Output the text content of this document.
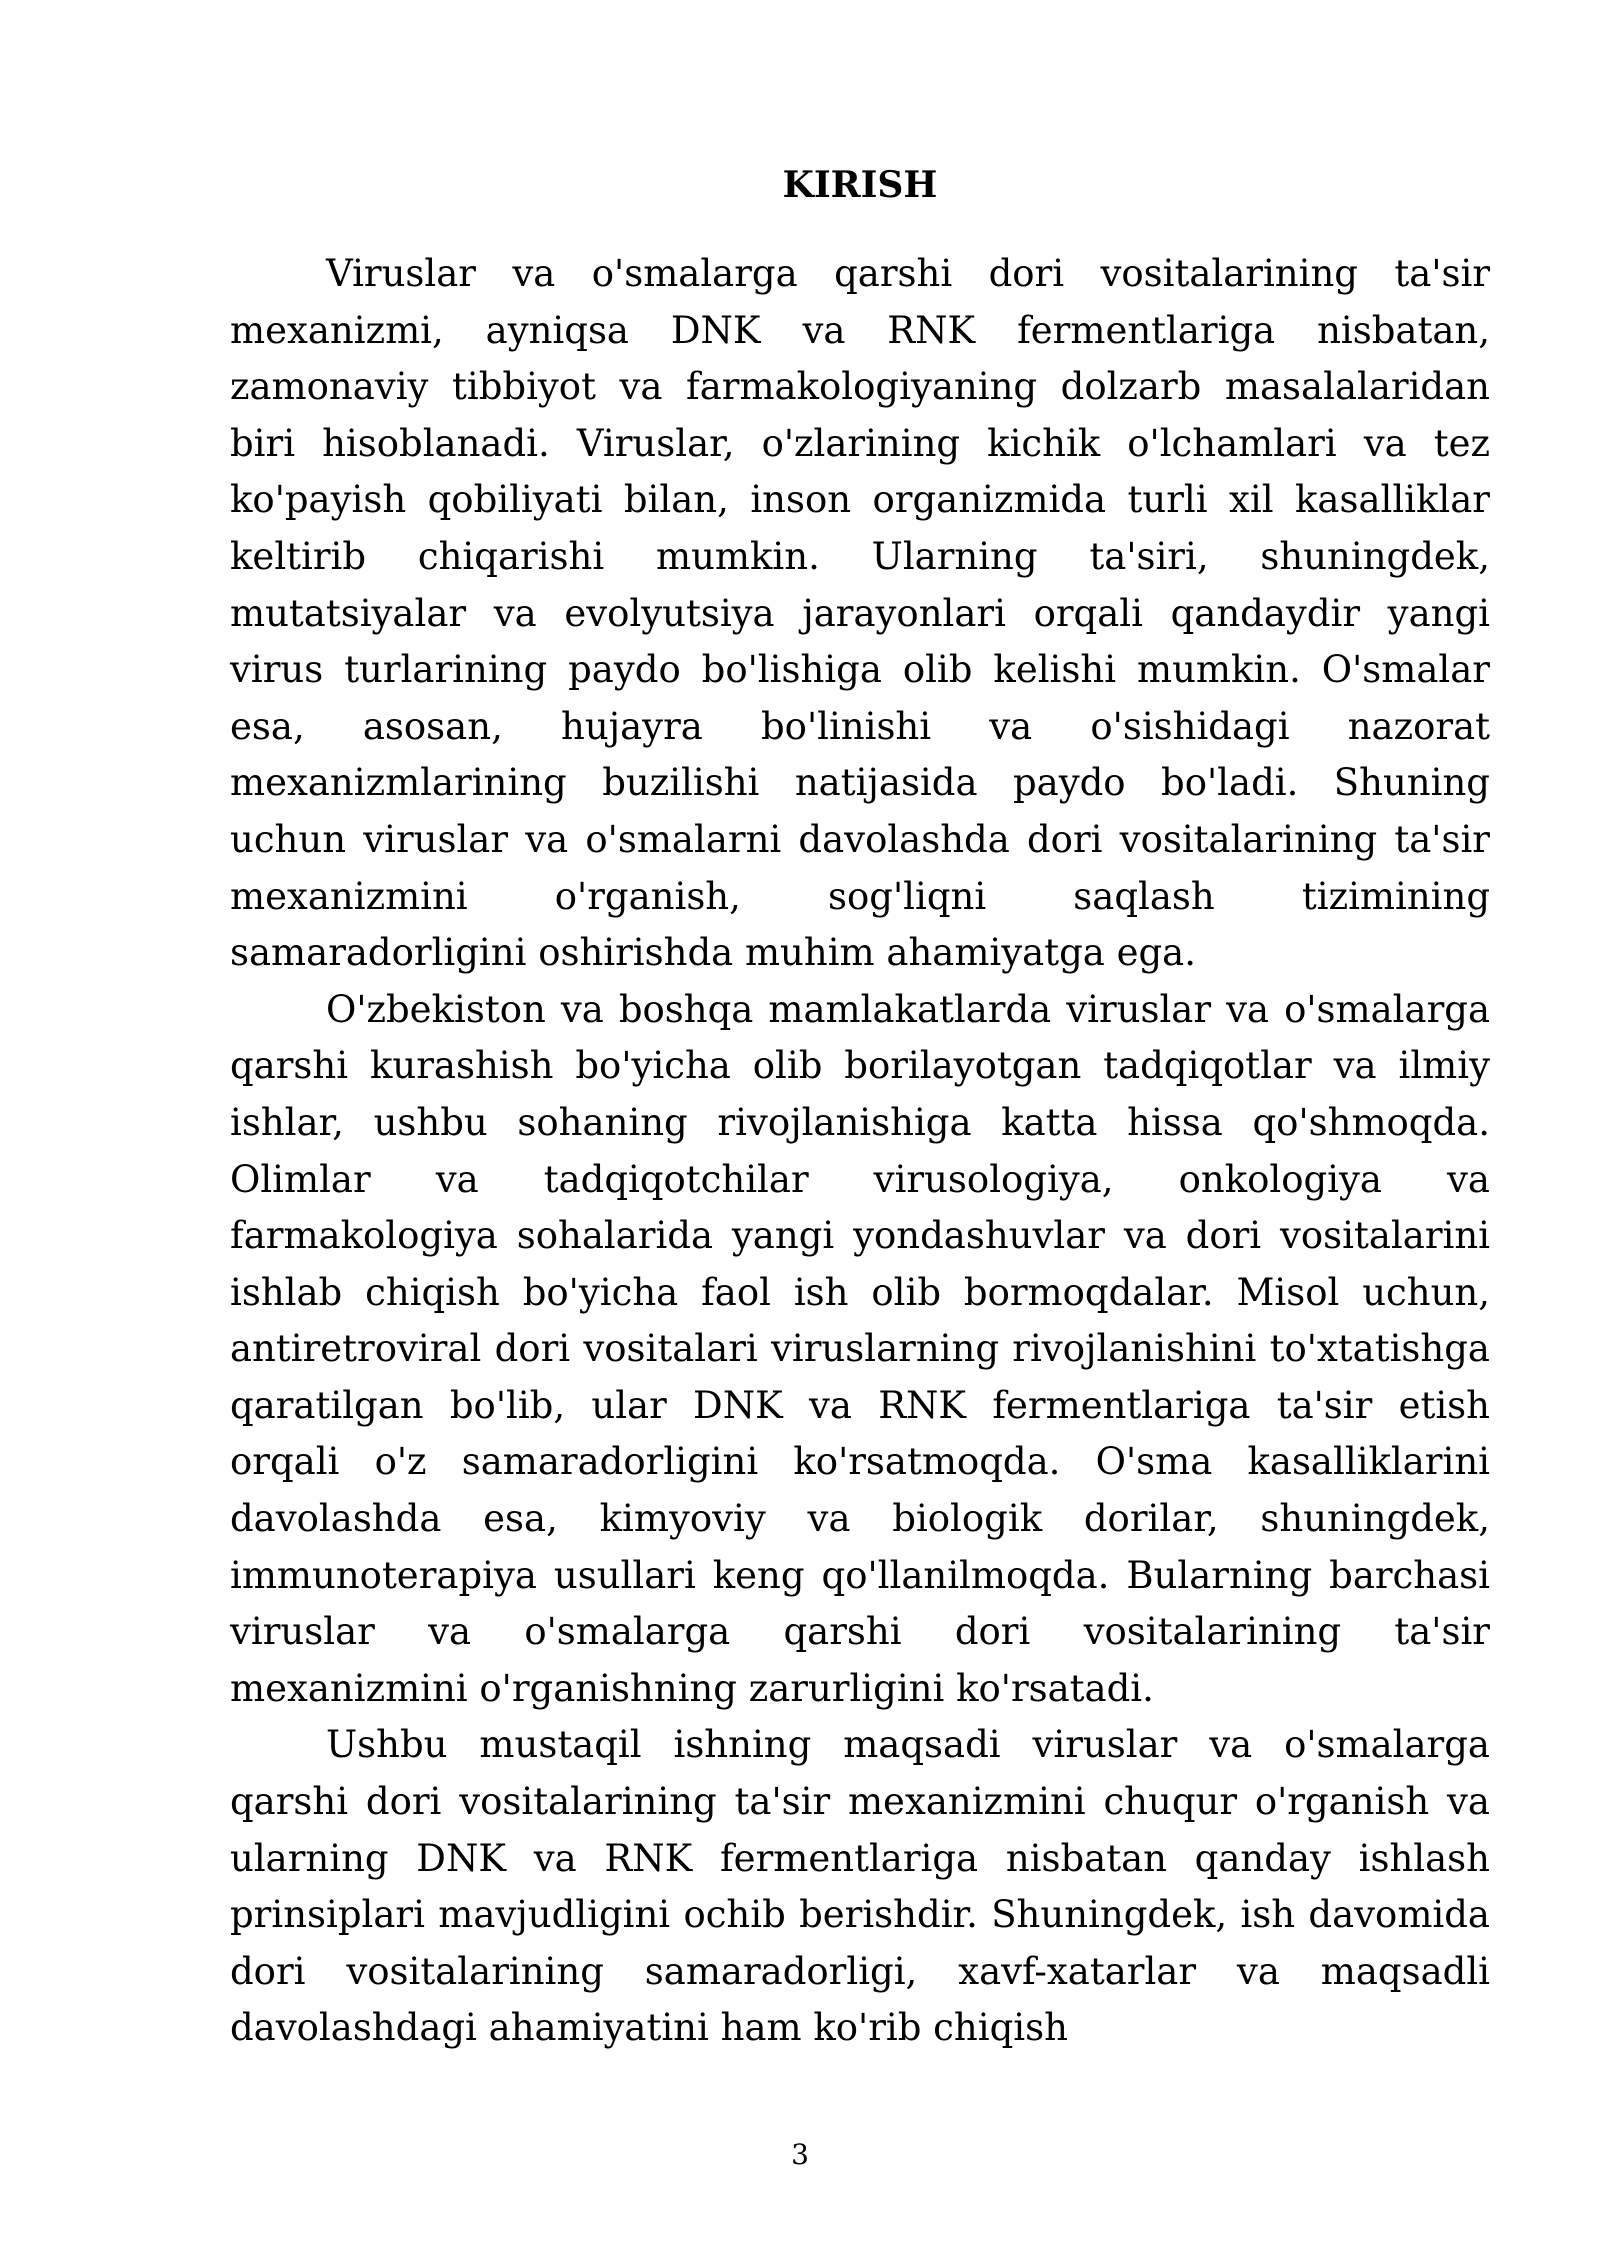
KIRISH

Viruslar va o'smalarga qarshi dori vositalarining ta'sir mexanizmi, ayniqsa DNK va RNK fermentlariga nisbatan, zamonaviy tibbiyot va farmakologiyaning dolzarb masalalaridan biri hisoblanadi. Viruslar, o'zlarining kichik o'lchamlari va tez ko'payish qobiliyati bilan, inson organizmida turli xil kasalliklar keltirib chiqarishi mumkin. Ularning ta'siri, shuningdek, mutatsiyalar va evolyutsiya jarayonlari orqali qandaydir yangi virus turlarining paydo bo'lishiga olib kelishi mumkin. O'smalar esa, asosan, hujayra bo'linishi va o'sishidagi nazorat mexanizmlarining buzilishi natijasida paydo bo'ladi. Shuning uchun viruslar va o'smalarni davolashda dori vositalarining ta'sir mexanizmini o'rganish, sog'liqni saqlash tizimining samaradorligini oshirishda muhim ahamiyatga ega.

O'zbekiston va boshqa mamlakatlarda viruslar va o'smalarga qarshi kurashish bo'yicha olib borilayotgan tadqiqotlar va ilmiy ishlar, ushbu sohaning rivojlanishiga katta hissa qo'shmoqda. Olimlar va tadqiqotchilar virusologiya, onkologiya va farmakologiya sohalarida yangi yondashuvlar va dori vositalarini ishlab chiqish bo'yicha faol ish olib bormoqdalar. Misol uchun, antiretroviral dori vositalari viruslarning rivojlanishini to'xtatishga qaratilgan bo'lib, ular DNK va RNK fermentlariga ta'sir etish orqali o'z samaradorligini ko'rsatmoqda. O'sma kasalliklarini davolashda esa, kimyoviy va biologik dorilar, shuningdek, immunoterapiya usullari keng qo'llanilmoqda. Bularning barchasi viruslar va o'smalarga qarshi dori vositalarining ta'sir mexanizmini o'rganishning zarurligini ko'rsatadi.

Ushbu mustaqil ishning maqsadi viruslar va o'smalarga qarshi dori vositalarining ta'sir mexanizmini chuqur o'rganish va ularning DNK va RNK fermentlariga nisbatan qanday ishlash prinsiplari mavjudligini ochib berishdir. Shuningdek, ish davomida dori vositalarining samaradorligi, xavf-xatarlar va maqsadli davolashdagi ahamiyatini ham ko'rib chiqish

3
